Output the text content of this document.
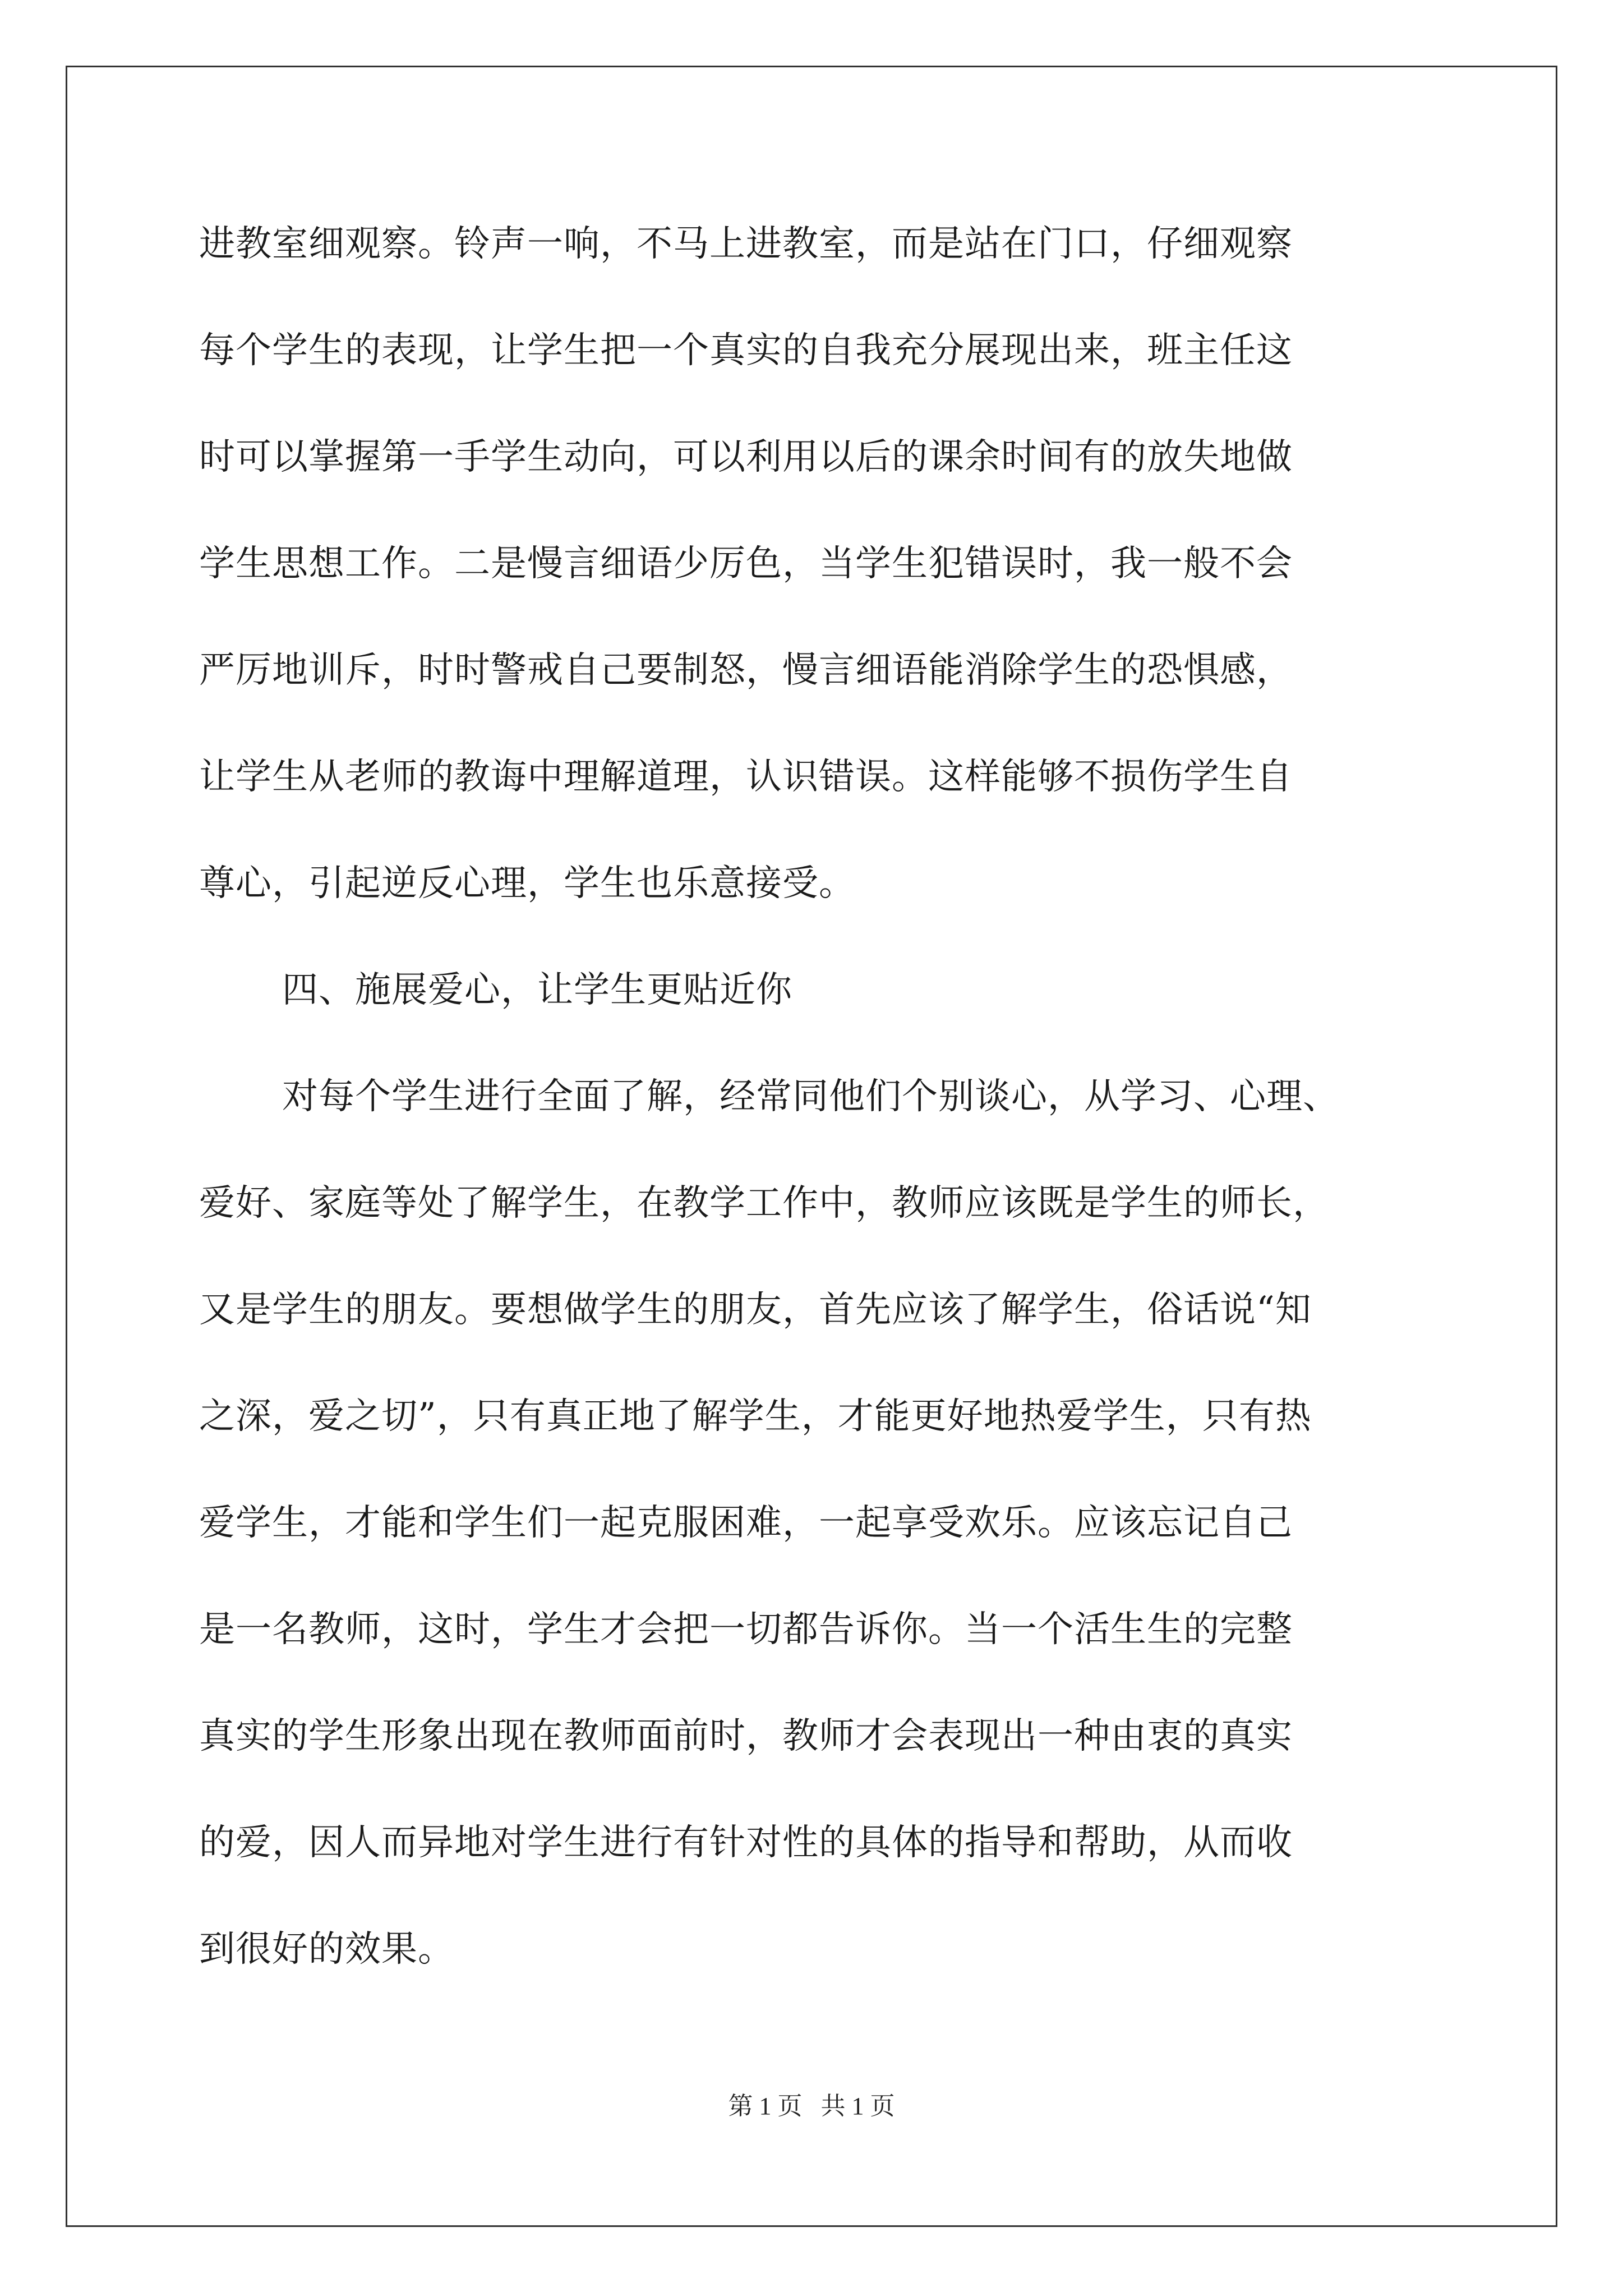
进教室细观察。铃声一响，不马上进教室，而是站在门口，仔细观察
每个学生的表现，让学生把一个真实的自我充分展现出来，班主任这
时可以掌握第一手学生动向，可以利用以后的课余时间有的放失地做
学生思想工作。二是慢言细语少厉色，当学生犯错误时，我一般不会
严厉地训斥，时时警戒自己要制怒，慢言细语能消除学生的恐惧感，
让学生从老师的教诲中理解道理，认识错误。这样能够不损伤学生自
尊心，引起逆反心理，学生也乐意接受。
四、施展爱心，让学生更贴近你
对每个学生进行全面了解，经常同他们个别谈心，从学习、心理、
爱好、家庭等处了解学生，在教学工作中，教师应该既是学生的师长，
又是学生的朋友。要想做学生的朋友，首先应该了解学生，俗话说“知
之深，爱之切”，只有真正地了解学生，才能更好地热爱学生，只有热
爱学生，才能和学生们一起克服困难，一起享受欢乐。应该忘记自己
是一名教师，这时，学生才会把一切都告诉你。当一个活生生的完整
真实的学生形象出现在教师面前时，教师才会表现出一种由衷的真实
的爱，因人而异地对学生进行有针对性的具体的指导和帮助，从而收
到很好的效果。
第 1 页   共 1 页
